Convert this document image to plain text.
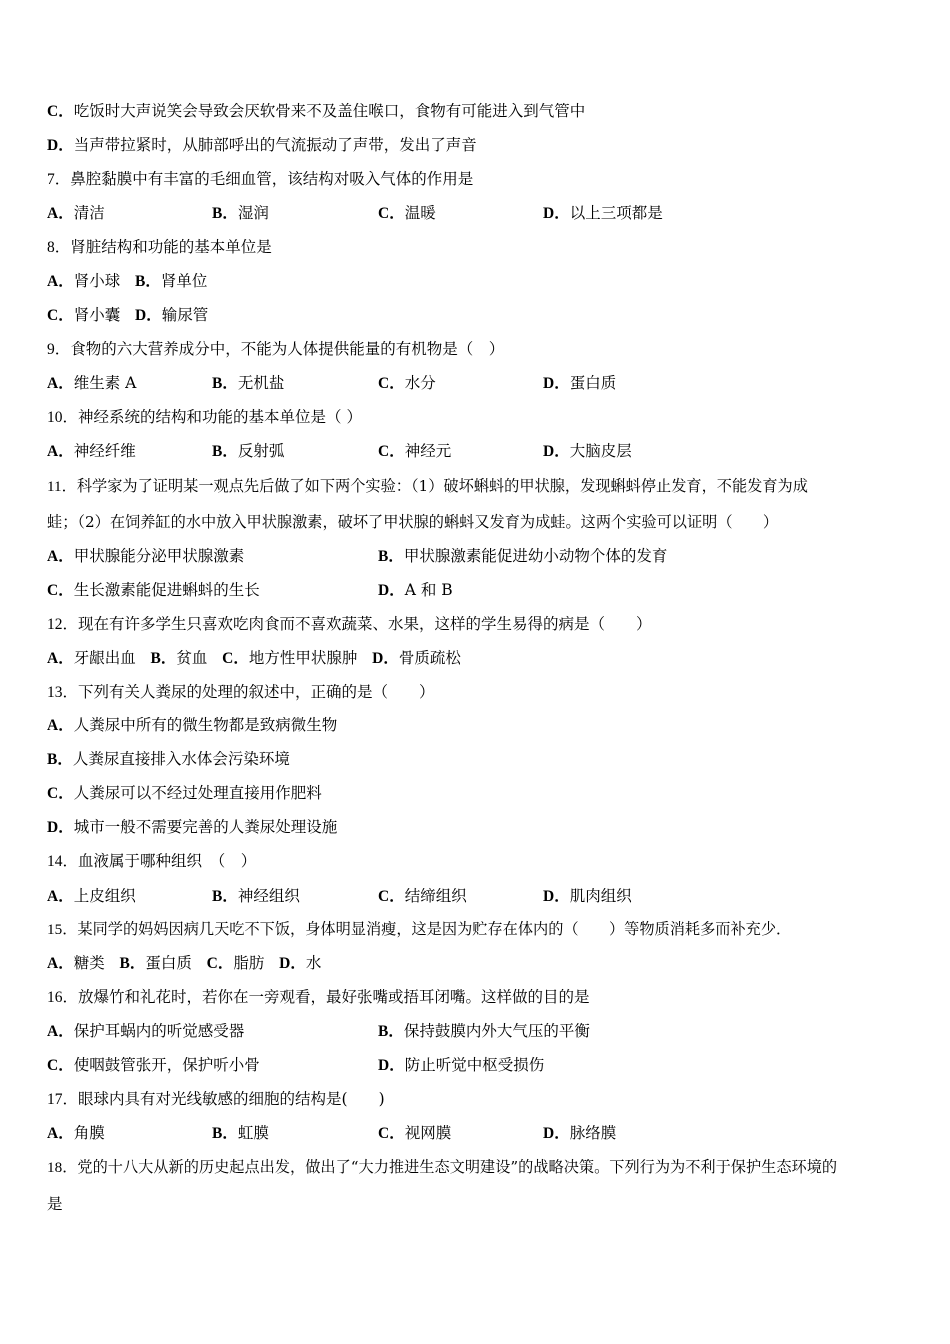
C．吃饭时大声说笑会导致会厌软骨来不及盖住喉口，食物有可能进入到气管中
D．当声带拉紧时，从肺部呼出的气流振动了声带，发出了声音
7．鼻腔黏膜中有丰富的毛细血管，该结构对吸入气体的作用是
A．清洁	B．湿润	C．温暖	D．以上三项都是
8．肾脏结构和功能的基本单位是
A．肾小球 B．肾单位
C．肾小囊 D．输尿管
9．食物的六大营养成分中，不能为人体提供能量的有机物是（　）
A．维生素 A	B．无机盐	C．水分	D．蛋白质
10．神经系统的结构和功能的基本单位是（ ）
A．神经纤维	B．反射弧	C．神经元	D．大脑皮层
11．科学家为了证明某一观点先后做了如下两个实验：（1）破坏蝌蚪的甲状腺，发现蝌蚪停止发育，不能发育为成
蛙；（2）在饲养缸的水中放入甲状腺激素，破坏了甲状腺的蝌蚪又发育为成蛙。这两个实验可以证明（　　）
A．甲状腺能分泌甲状腺激素	B．甲状腺激素能促进幼小动物个体的发育
C．生长激素能促进蝌蚪的生长	D．A 和 B
12．现在有许多学生只喜欢吃肉食而不喜欢蔬菜、水果，这样的学生易得的病是（　　）
A．牙龈出血 B．贫血 C．地方性甲状腺肿 D．骨质疏松
13．下列有关人粪尿的处理的叙述中，正确的是（　　）
A．人粪尿中所有的微生物都是致病微生物
B．人粪尿直接排入水体会污染环境
C．人粪尿可以不经过处理直接用作肥料
D．城市一般不需要完善的人粪尿处理设施
14．血液属于哪种组织　（　）
A．上皮组织	B．神经组织	C．结缔组织	D．肌肉组织
15．某同学的妈妈因病几天吃不下饭，身体明显消瘦，这是因为贮存在体内的（　　）等物质消耗多而补充少．
A．糖类 B．蛋白质 C．脂肪 D．水
16．放爆竹和礼花时，若你在一旁观看，最好张嘴或捂耳闭嘴。这样做的目的是
A．保护耳蜗内的听觉感受器	B．保持鼓膜内外大气压的平衡
C．使咽鼓管张开，保护听小骨	D．防止听觉中枢受损伤
17．眼球内具有对光线敏感的细胞的结构是(　　)
A．角膜	B．虹膜	C．视网膜	D．脉络膜
18．党的十八大从新的历史起点出发，做出了“大力推进生态文明建设”的战略决策。下列行为为不利于保护生态环境的
是
